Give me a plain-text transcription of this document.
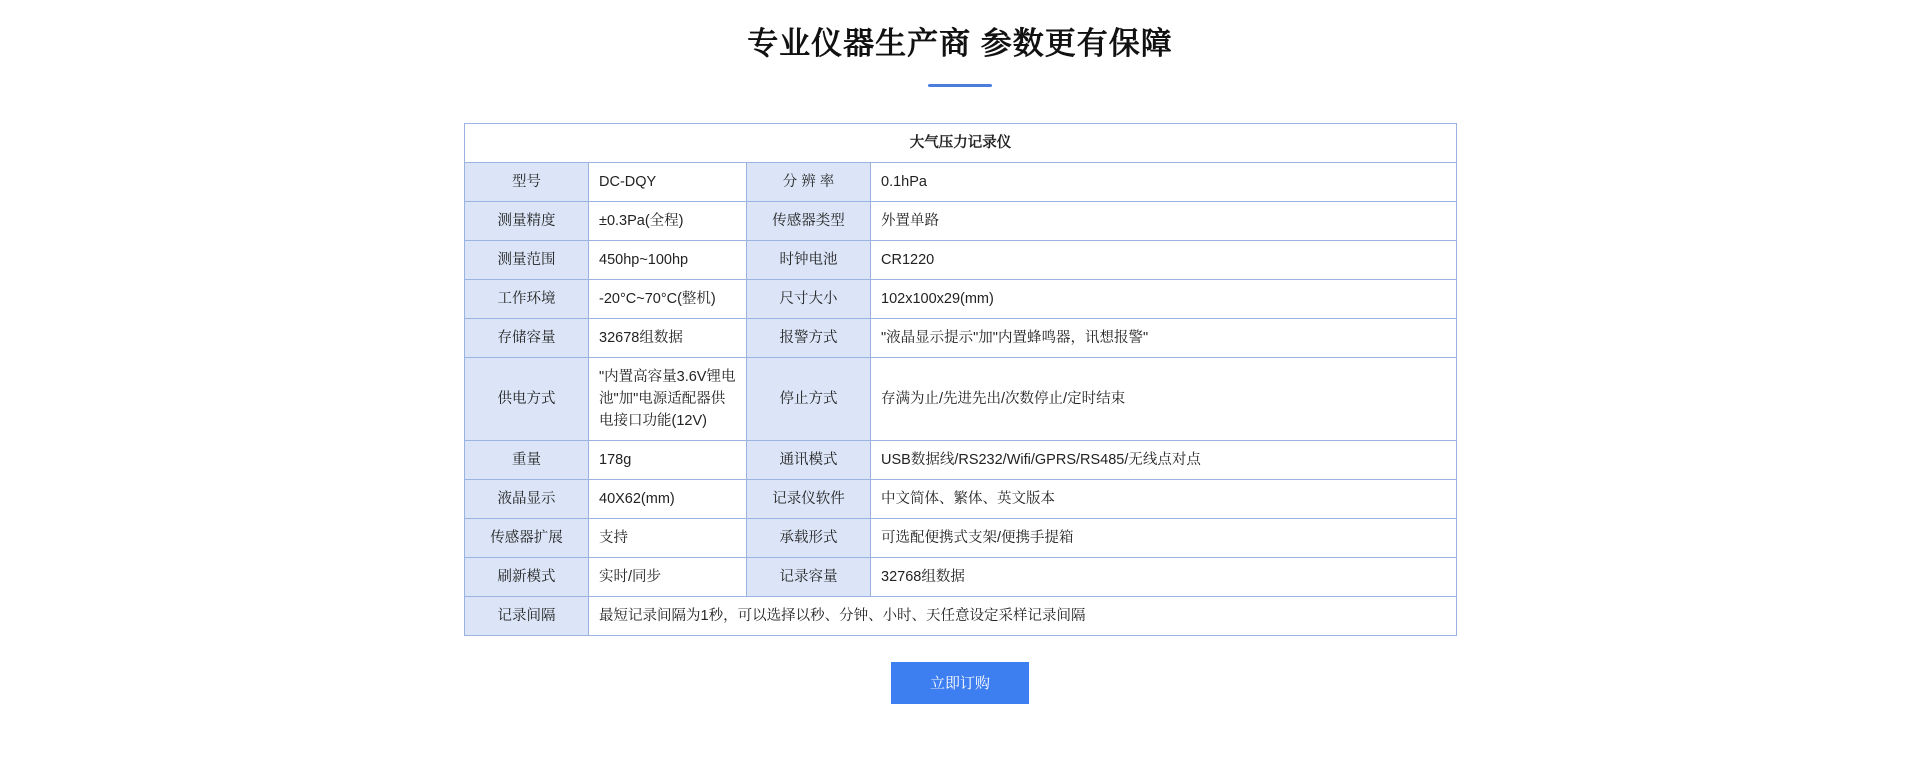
专业仪器生产商 参数更有保障
大气压力记录仪			
型号	DC-DQY	分 辨 率	0.1hPa
测量精度	±0.3Pa(全程)	传感器类型	外置单路
测量范围	450hp~100hp	时钟电池	CR1220
工作环境	-20°C~70°C(整机)	尺寸大小	102x100x29(mm)
存储容量	32678组数据	报警方式	"液晶显示提示"加"内置蜂鸣器，讯想报警"
供电方式	"内置高容量3.6V锂电池"加"电源适配器供电接口功能(12V)	停止方式	存满为止/先进先出/次数停止/定时结束
重量	178g	通讯模式	USB数据线/RS232/Wifi/GPRS/RS485/无线点对点
液晶显示	40X62(mm)	记录仪软件	中文简体、繁体、英文版本
传感器扩展	支持	承载形式	可选配便携式支架/便携手提箱
刷新模式	实时/同步	记录容量	32768组数据
记录间隔	最短记录间隔为1秒，可以选择以秒、分钟、小时、天任意设定采样记录间隔		
立即订购
